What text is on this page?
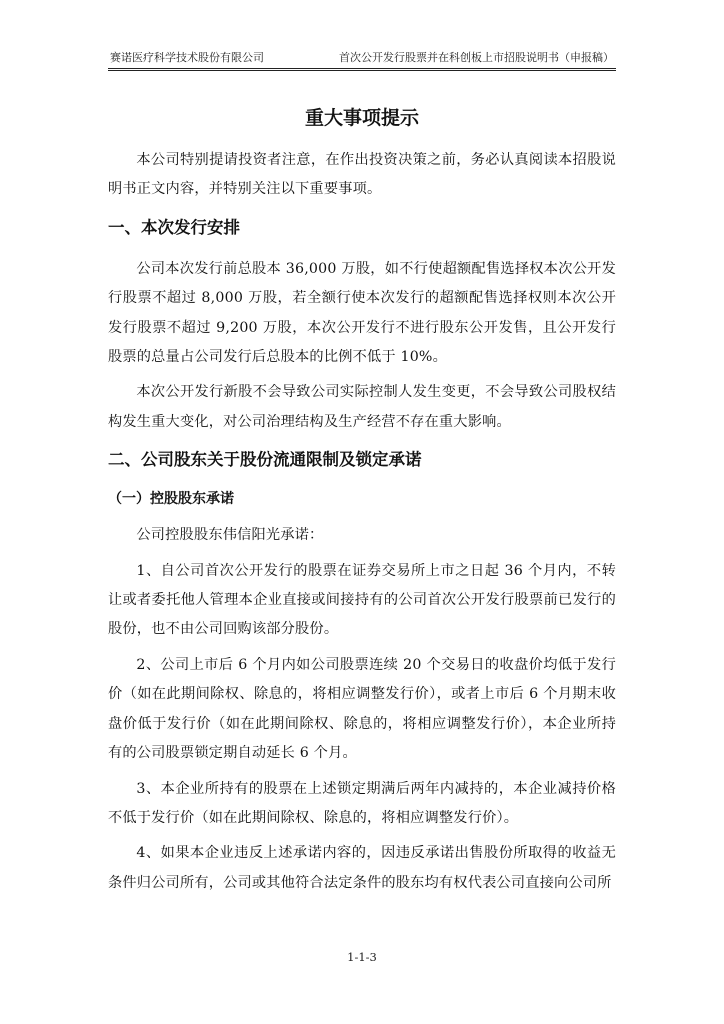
赛诺医疗科学技术股份有限公司	首次公开发行股票并在科创板上市招股说明书（申报稿）
重大事项提示

本公司特别提请投资者注意，在作出投资决策之前，务必认真阅读本招股说明书正文内容，并特别关注以下重要事项。

一、本次发行安排

公司本次发行前总股本 36,000 万股，如不行使超额配售选择权本次公开发行股票不超过 8,000 万股，若全额行使本次发行的超额配售选择权则本次公开发行股票不超过 9,200 万股，本次公开发行不进行股东公开发售，且公开发行股票的总量占公司发行后总股本的比例不低于 10%。

本次公开发行新股不会导致公司实际控制人发生变更，不会导致公司股权结构发生重大变化，对公司治理结构及生产经营不存在重大影响。

二、公司股东关于股份流通限制及锁定承诺
（一）控股股东承诺

公司控股股东伟信阳光承诺：

1、自公司首次公开发行的股票在证券交易所上市之日起 36 个月内，不转让或者委托他人管理本企业直接或间接持有的公司首次公开发行股票前已发行的股份，也不由公司回购该部分股份。

2、公司上市后 6 个月内如公司股票连续 20 个交易日的收盘价均低于发行价（如在此期间除权、除息的，将相应调整发行价），或者上市后 6 个月期末收盘价低于发行价（如在此期间除权、除息的，将相应调整发行价），本企业所持有的公司股票锁定期自动延长 6 个月。

3、本企业所持有的股票在上述锁定期满后两年内减持的，本企业减持价格不低于发行价（如在此期间除权、除息的，将相应调整发行价）。

4、如果本企业违反上述承诺内容的，因违反承诺出售股份所取得的收益无条件归公司所有，公司或其他符合法定条件的股东均有权代表公司直接向公司所

1-1-3
